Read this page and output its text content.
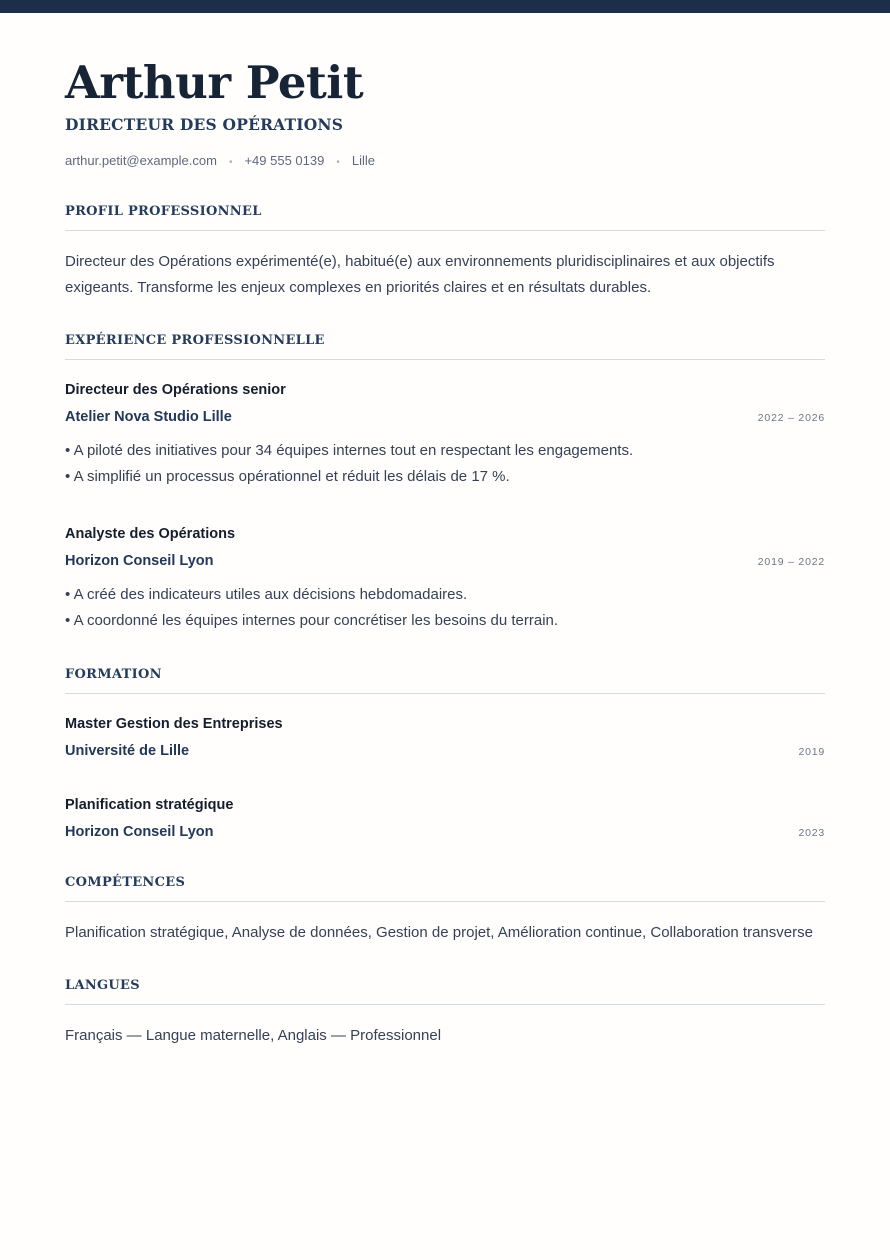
Arthur Petit
DIRECTEUR DES OPÉRATIONS
arthur.petit@example.com • +49 555 0139 • Lille
PROFIL PROFESSIONNEL

Directeur des Opérations expérimenté(e), habitué(e) aux environnements pluridisciplinaires et aux objectifs exigeants. Transforme les enjeux complexes en priorités claires et en résultats durables.

EXPÉRIENCE PROFESSIONNELLE
Directeur des Opérations senior
Atelier Nova Studio Lille	2022 – 2026
• A piloté des initiatives pour 34 équipes internes tout en respectant les engagements.
• A simplifié un processus opérationnel et réduit les délais de 17 %.
Analyste des Opérations
Horizon Conseil Lyon	2019 – 2022
• A créé des indicateurs utiles aux décisions hebdomadaires.
• A coordonné les équipes internes pour concrétiser les besoins du terrain.
FORMATION
Master Gestion des Entreprises
Université de Lille	2019
Planification stratégique
Horizon Conseil Lyon	2023
COMPÉTENCES

Planification stratégique, Analyse de données, Gestion de projet, Amélioration continue, Collaboration transverse

LANGUES

Français — Langue maternelle, Anglais — Professionnel
